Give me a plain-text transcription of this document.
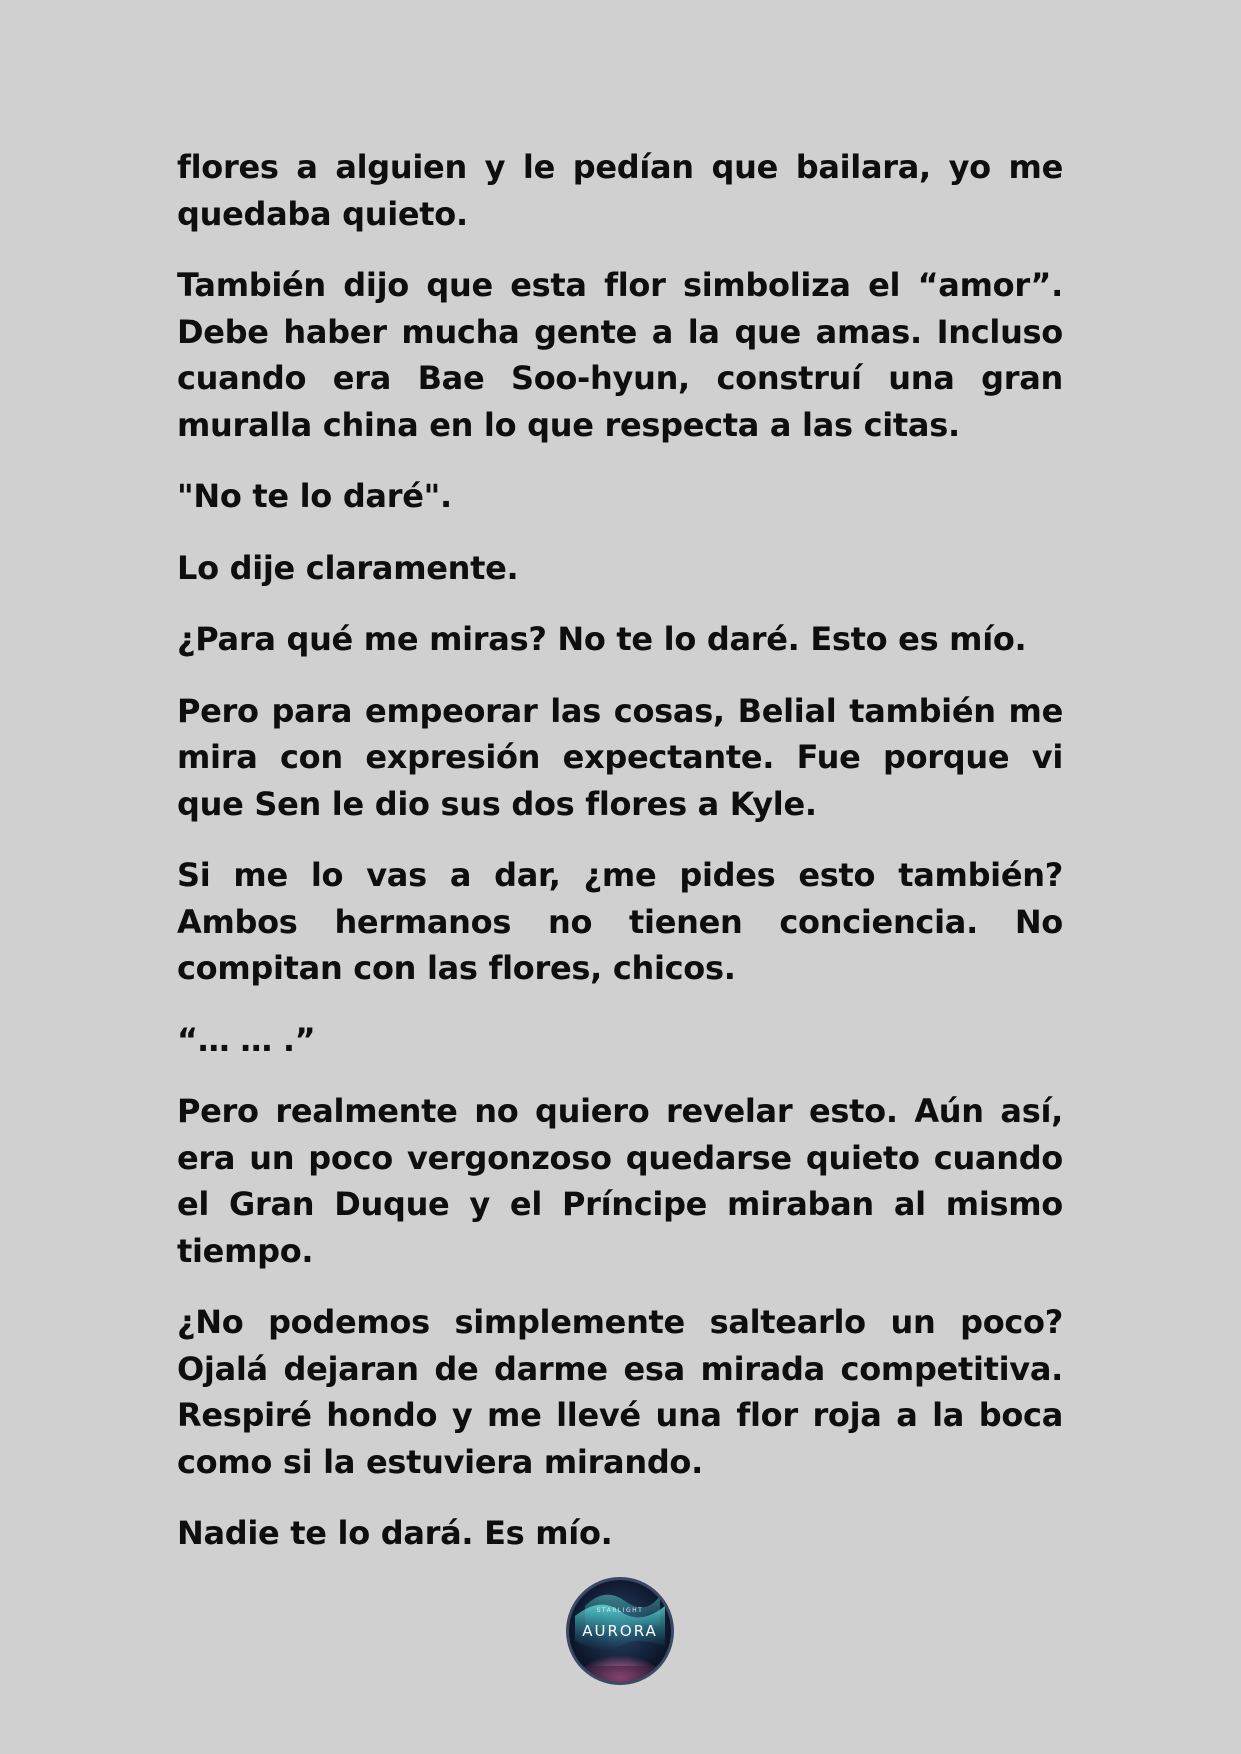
flores a alguien y le pedían que bailara, yo me quedaba quieto.

También dijo que esta flor simboliza el “amor”. Debe haber mucha gente a la que amas. Incluso cuando era Bae Soo-hyun, construí una gran muralla china en lo que respecta a las citas.

"No te lo daré".

Lo dije claramente.

¿Para qué me miras? No te lo daré. Esto es mío.

Pero para empeorar las cosas, Belial también me mira con expresión expectante. Fue porque vi que Sen le dio sus dos flores a Kyle.

Si me lo vas a dar, ¿me pides esto también? Ambos hermanos no tienen conciencia. No compitan con las flores, chicos.

“… … .”

Pero realmente no quiero revelar esto. Aún así, era un poco vergonzoso quedarse quieto cuando el Gran Duque y el Príncipe miraban al mismo tiempo.

¿No podemos simplemente saltearlo un poco? Ojalá dejaran de darme esa mirada competitiva. Respiré hondo y me llevé una flor roja a la boca como si la estuviera mirando.

Nadie te lo dará. Es mío.

STARLIGHT
AURORA
